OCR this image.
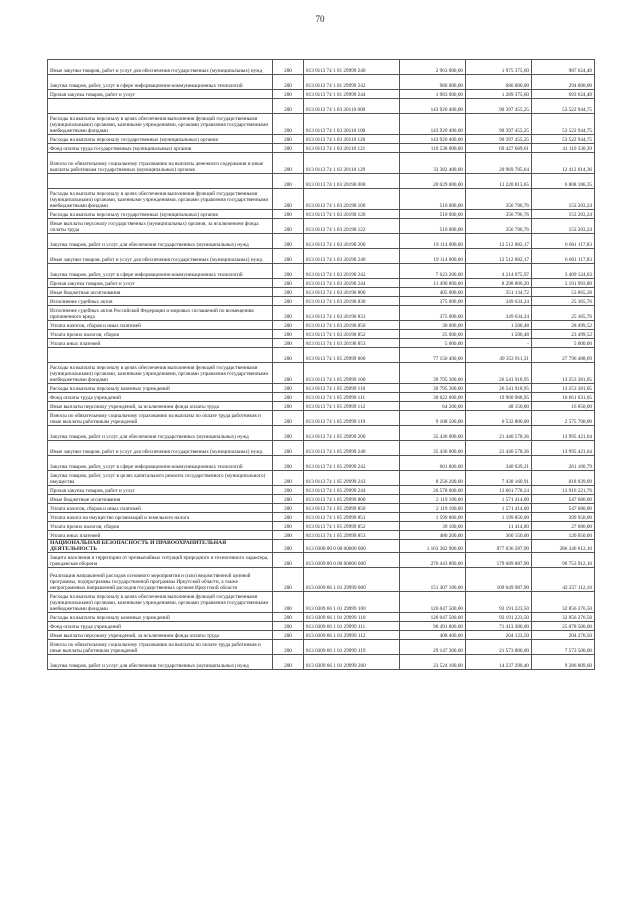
70
Иные закупки товаров, работ и услуг для обеспечения государственных (муниципальных) нужд	200	813 0113 74 1 01 29999 240	2 963 000,00	1 975 375,60	987 624,40
Закупка товаров, работ, услуг в сфере информационно-коммуникационных технологий	200	813 0113 74 1 01 29999 242	980 000,00	686 000,00	294 000,00
Прочая закупка товаров, работ и услуг	200	813 0113 74 1 01 29999 244	1 983 000,00	1 289 375,60	693 624,40
	200	813 0113 74 1 03 20110 000	143 920 400,00	90 397 455,25	53 522 944,75
Расходы на выплаты персоналу в целях обеспечения выполнения функций государственными (муниципальными) органами, казенными учреждениями, органами управления государственными внебюджетными фондами	200	813 0113 74 1 03 20110 100	143 920 400,00	90 397 455,25	53 522 944,75
Расходы на выплаты персоналу государственных (муниципальных) органов	200	813 0113 74 1 03 20110 120	143 920 400,00	90 397 455,25	53 522 944,75
Фонд оплаты труда государственных (муниципальных) органов	200	813 0113 74 1 03 20110 121	110 538 000,00	69 427 669,61	41 110 330,39
Взносы по обязательному социальному страхованию на выплаты денежного содержания и иные выплаты работникам государственных (муниципальных) органов	200	813 0113 74 1 03 20110 129	33 382 400,00	20 969 785,64	12 412 614,36
	200	813 0113 74 1 03 20190 000	20 029 000,00	13 220 813,65	6 808 186,35
Расходы на выплаты персоналу в целях обеспечения выполнения функций государственными (муниципальными) органами, казенными учреждениями, органами управления государственными внебюджетными фондами	200	813 0113 74 1 03 20190 100	510 000,00	356 796,76	153 203,24
Расходы на выплаты персоналу государственных (муниципальных) органов	200	813 0113 74 1 03 20190 120	510 000,00	356 796,76	153 203,24
Иные выплаты персоналу государственных (муниципальных) органов, за исключением фонда оплаты труда	200	813 0113 74 1 03 20190 122	510 000,00	356 796,76	153 203,24
Закупка товаров, работ и услуг для обеспечения государственных (муниципальных) нужд	200	813 0113 74 1 03 20190 200	19 114 000,00	12 512 882,17	6 601 117,83
Иные закупки товаров, работ и услуг для обеспечения государственных (муниципальных) нужд	200	813 0113 74 1 03 20190 240	19 114 000,00	12 512 882,17	6 601 117,83
Закупка товаров, работ, услуг в сфере информационно-коммуникационных технологий	200	813 0113 74 1 03 20190 242	7 623 200,00	4 214 075,97	3 409 124,03
Прочая закупка товаров, работ и услуг	200	813 0113 74 1 03 20190 244	11 490 800,00	8 298 806,20	3 191 993,80
Иные бюджетные ассигнования	200	813 0113 74 1 03 20190 800	405 000,00	351 134,72	53 865,28
Исполнение судебных актов	200	813 0113 74 1 03 20190 830	375 000,00	349 634,24	25 365,76
Исполнение судебных актов Российской Федерации и мировых соглашений по возмещению причиненного вреда	200	813 0113 74 1 03 20190 831	375 000,00	349 634,24	25 365,76
Уплата налогов, сборов и иных платежей	200	813 0113 74 1 03 20190 850	30 000,00	1 500,48	28 499,52
Уплата прочих налогов, сборов	200	813 0113 74 1 03 20190 852	25 000,00	1 500,48	23 499,52
Уплата иных платежей	200	813 0113 74 1 03 20190 853	5 000,00	-	5 000,00
	200	813 0113 74 1 05 29999 000	77 150 400,00	49 353 911,31	27 796 488,69
Расходы на выплаты персоналу в целях обеспечения выполнения функций государственными (муниципальными) органами, казенными учреждениями, органами управления государственными внебюджетными фондами	200	813 0113 74 1 05 29999 100	39 795 300,00	26 541 918,95	13 253 381,05
Расходы на выплаты персоналу казенных учреждений	200	813 0113 74 1 05 29999 110	39 795 300,00	26 541 918,95	13 253 381,05
Фонд оплаты труда учреждений	200	813 0113 74 1 05 29999 111	30 622 600,00	19 960 968,95	10 661 631,05
Иные выплаты персоналу учреждений, за исключением фонда оплаты труда	200	813 0113 74 1 05 29999 112	64 200,00	48 150,00	16 050,00
Взносы по обязательному социальному страхованию на выплаты по оплате труда работников и иные выплаты работникам учреждений	200	813 0113 74 1 05 29999 119	9 108 500,00	6 532 800,00	2 575 700,00
Закупка товаров, работ и услуг для обеспечения государственных (муниципальных) нужд	200	813 0113 74 1 05 29999 200	35 436 000,00	21 440 578,36	13 995 421,64
Иные закупки товаров, работ и услуг для обеспечения государственных (муниципальных) нужд	200	813 0113 74 1 05 29999 240	35 436 000,00	21 440 578,36	13 995 421,64
Закупка товаров, работ, услуг в сфере информационно-коммуникационных технологий	200	813 0113 74 1 05 29999 242	601 800,00	340 639,21	261 160,79
Закупка товаров, работ, услуг в целях капитального ремонта государственного (муниципального) имущества	200	813 0113 74 1 05 29999 243	8 256 200,00	7 438 160,91	818 039,09
Прочая закупка товаров, работ и услуг	200	813 0113 74 1 05 29999 244	26 578 000,00	13 661 778,24	12 916 221,76
Иные бюджетные ассигнования	200	813 0113 74 1 05 29999 800	2 119 100,00	1 571 414,00	547 686,00
Уплата налогов, сборов и иных платежей	200	813 0113 74 1 05 29999 850	2 119 100,00	1 571 414,00	547 686,00
Уплата налога на имущество организаций и земельного налога	200	813 0113 74 1 05 29999 851	1 599 800,00	1 199 850,00	399 950,00
Уплата прочих налогов, сборов	200	813 0113 74 1 05 29999 852	39 100,00	11 414,00	27 686,00
Уплата иных платежей	200	813 0113 74 1 05 29999 853	480 200,00	360 150,00	120 050,00
НАЦИОНАЛЬНАЯ БЕЗОПАСНОСТЬ И ПРАВООХРАНИТЕЛЬНАЯ ДЕЯТЕЛЬНОСТЬ	200	813 0300 00 0 00 00000 000	1 163 382 900,00	877 036 287,90	286 346 612,10
Защита населения и территории от чрезвычайных ситуаций природного и техногенного характера, гражданская оборона	200	813 0309 00 0 00 00000 000	276 443 800,00	179 689 887,90	96 753 912,10
Реализация направлений расходов основного мероприятия и (или) ведомственной целевой программы, подпрограммы государственной программы Иркутской области, а также непрограммных направлений расходов государственных органов Иркутской области	200	813 0309 66 1 01 29999 000	151 307 100,00	109 049 987,90	42 257 112,10
Расходы на выплаты персоналу в целях обеспечения выполнения функций государственными (муниципальными) органами, казенными учреждениями, органами управления государственными внебюджетными фондами	200	813 0309 66 1 01 29999 100	126 047 500,00	93 191 223,50	32 856 276,50
Расходы на выплаты персоналу казенных учреждений	200	813 0309 66 1 01 29999 110	126 047 500,00	93 191 223,50	32 856 276,50
Фонд оплаты труда учреждений	200	813 0309 66 1 01 29999 111	96 491 800,00	71 413 300,00	25 078 500,00
Иные выплаты персоналу учреждений, за исключением фонда оплаты труда	200	813 0309 66 1 01 29999 112	408 400,00	204 123,50	204 276,50
Взносы по обязательному социальному страхованию на выплаты по оплате труда работников и иные выплаты работникам учреждений	200	813 0309 66 1 01 29999 119	29 147 300,00	21 573 800,00	7 573 500,00
Закупка товаров, работ и услуг для обеспечения государственных (муниципальных) нужд	200	813 0309 66 1 01 29999 200	23 524 100,00	14 237 290,40	9 286 809,60
